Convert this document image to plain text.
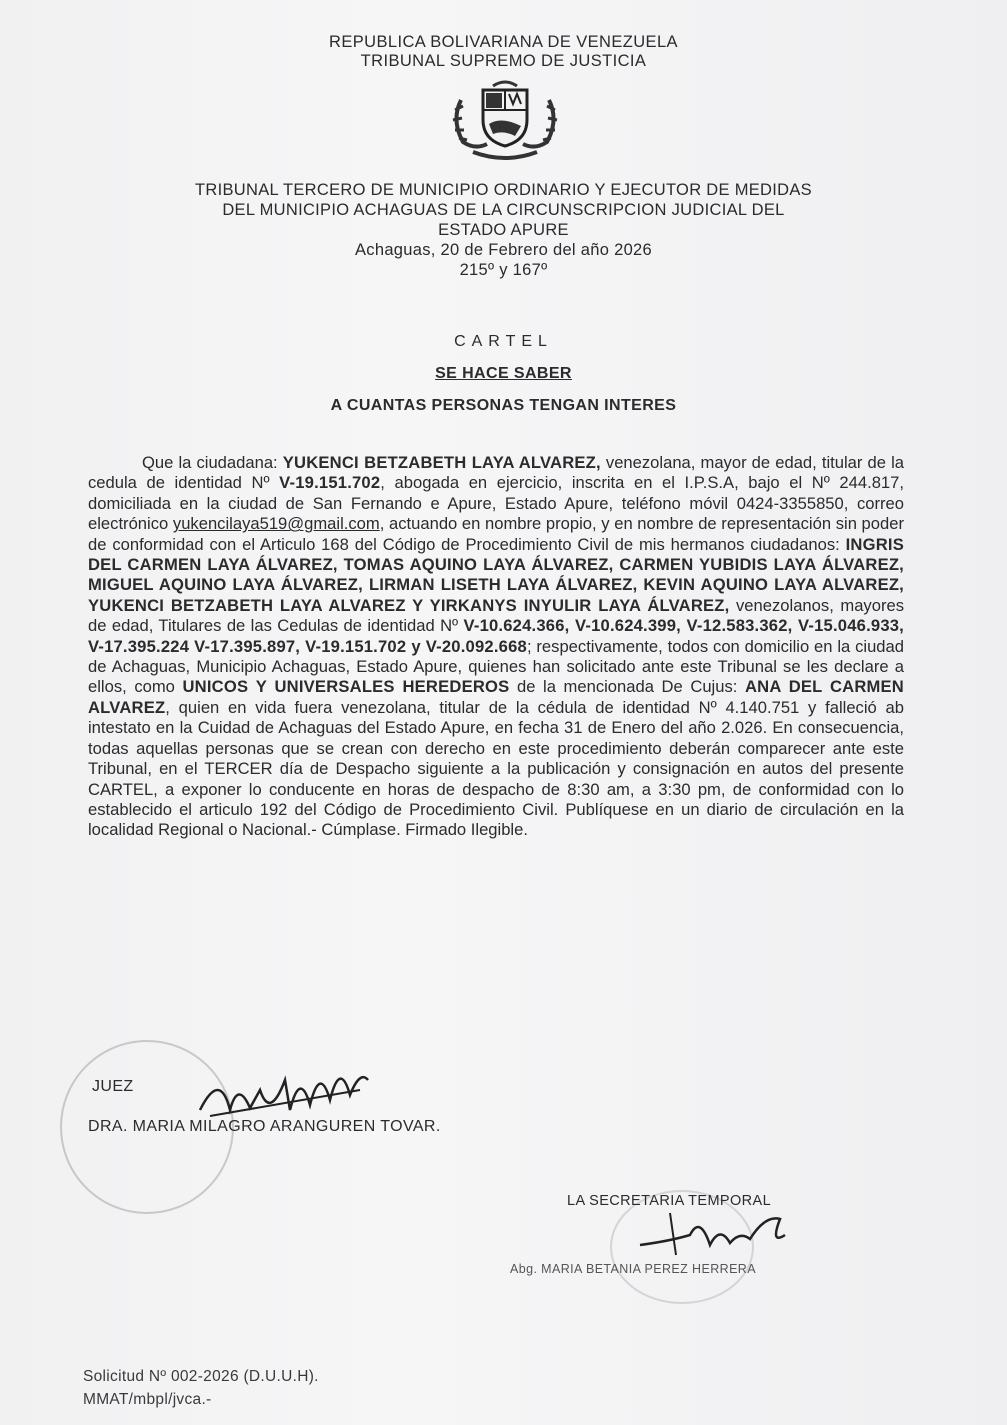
REPUBLICA BOLIVARIANA DE VENEZUELA
TRIBUNAL SUPREMO DE JUSTICIA
TRIBUNAL TERCERO DE MUNICIPIO ORDINARIO Y EJECUTOR DE MEDIDAS
DEL MUNICIPIO ACHAGUAS DE LA CIRCUNSCRIPCION JUDICIAL DEL
ESTADO APURE
Achaguas, 20 de Febrero del año 2026
215º y 167º
CARTEL
SE HACE SABER
A CUANTAS PERSONAS TENGAN INTERES
Que la ciudadana: YUKENCI BETZABETH LAYA ALVAREZ, venezolana, mayor de edad, titular de la cedula de identidad Nº V-19.151.702, abogada en ejercicio, inscrita en el I.P.S.A, bajo el Nº 244.817, domiciliada en la ciudad de San Fernando e Apure, Estado Apure, teléfono móvil 0424-3355850, correo electrónico yukencilaya519@gmail.com, actuando en nombre propio, y en nombre de representación sin poder de conformidad con el Articulo 168 del Código de Procedimiento Civil de mis hermanos ciudadanos: INGRIS DEL CARMEN LAYA ÁLVAREZ, TOMAS AQUINO LAYA ÁLVAREZ, CARMEN YUBIDIS LAYA ÁLVAREZ, MIGUEL AQUINO LAYA ÁLVAREZ, LIRMAN LISETH LAYA ÁLVAREZ, KEVIN AQUINO LAYA ALVAREZ, YUKENCI BETZABETH LAYA ALVAREZ Y YIRKANYS INYULIR LAYA ÁLVAREZ, venezolanos, mayores de edad, Titulares de las Cedulas de identidad Nº V-10.624.366, V-10.624.399, V-12.583.362, V-15.046.933, V-17.395.224 V-17.395.897, V-19.151.702 y V-20.092.668; respectivamente, todos con domicilio en la ciudad de Achaguas, Municipio Achaguas, Estado Apure, quienes han solicitado ante este Tribunal se les declare a ellos, como UNICOS Y UNIVERSALES HEREDEROS de la mencionada De Cujus: ANA DEL CARMEN ALVAREZ, quien en vida fuera venezolana, titular de la cédula de identidad Nº 4.140.751 y falleció ab intestato en la Cuidad de Achaguas del Estado Apure, en fecha 31 de Enero del año 2.026. En consecuencia, todas aquellas personas que se crean con derecho en este procedimiento deberán comparecer ante este Tribunal, en el TERCER día de Despacho siguiente a la publicación y consignación en autos del presente CARTEL, a exponer lo conducente en horas de despacho de 8:30 am, a 3:30 pm, de conformidad con lo establecido el articulo 192 del Código de Procedimiento Civil. Publíquese en un diario de circulación en la localidad Regional o Nacional.- Cúmplase. Firmado Ilegible.
JUEZ
DRA. MARIA MILAGRO ARANGUREN TOVAR.
LA SECRETARIA TEMPORAL
Abg. MARIA BETANIA PEREZ HERRERA
Solicitud Nº 002-2026 (D.U.U.H).
MMAT/mbpl/jvca.-
